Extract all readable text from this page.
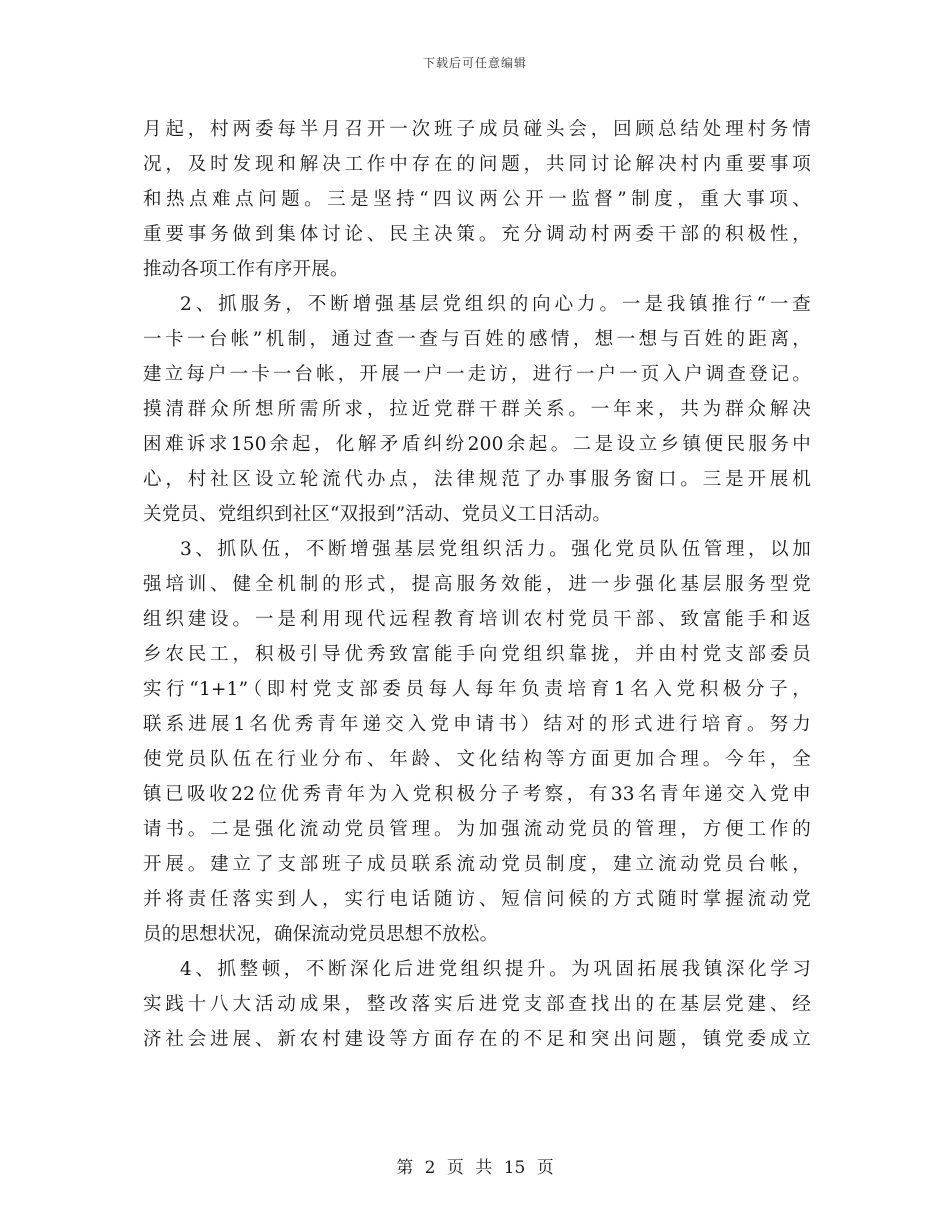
下载后可任意编辑
月起，村两委每半月召开一次班子成员碰头会，回顾总结处理村务情
况，及时发现和解决工作中存在的问题，共同讨论解决村内重要事项
和热点难点问题。三是坚持“四议两公开一监督”制度，重大事项、
重要事务做到集体讨论、民主决策。充分调动村两委干部的积极性，
推动各项工作有序开展。
2、抓服务，不断增强基层党组织的向心力。一是我镇推行“一查
一卡一台帐”机制，通过查一查与百姓的感情，想一想与百姓的距离，
建立每户一卡一台帐，开展一户一走访，进行一户一页入户调查登记。
摸清群众所想所需所求，拉近党群干群关系。一年来，共为群众解决
困难诉求150余起，化解矛盾纠纷200余起。二是设立乡镇便民服务中
心，村社区设立轮流代办点，法律规范了办事服务窗口。三是开展机
关党员、党组织到社区“双报到”活动、党员义工日活动。
3、抓队伍，不断增强基层党组织活力。强化党员队伍管理，以加
强培训、健全机制的形式，提高服务效能，进一步强化基层服务型党
组织建设。一是利用现代远程教育培训农村党员干部、致富能手和返
乡农民工，积极引导优秀致富能手向党组织靠拢，并由村党支部委员
实行“1+1”（即村党支部委员每人每年负责培育1名入党积极分子，
联系进展1名优秀青年递交入党申请书）结对的形式进行培育。努力
使党员队伍在行业分布、年龄、文化结构等方面更加合理。今年，全
镇已吸收22位优秀青年为入党积极分子考察，有33名青年递交入党申
请书。二是强化流动党员管理。为加强流动党员的管理，方便工作的
开展。建立了支部班子成员联系流动党员制度，建立流动党员台帐，
并将责任落实到人，实行电话随访、短信问候的方式随时掌握流动党
员的思想状况，确保流动党员思想不放松。
4、抓整顿，不断深化后进党组织提升。为巩固拓展我镇深化学习
实践十八大活动成果，整改落实后进党支部查找出的在基层党建、经
济社会进展、新农村建设等方面存在的不足和突出问题，镇党委成立
第 2 页 共 15 页
